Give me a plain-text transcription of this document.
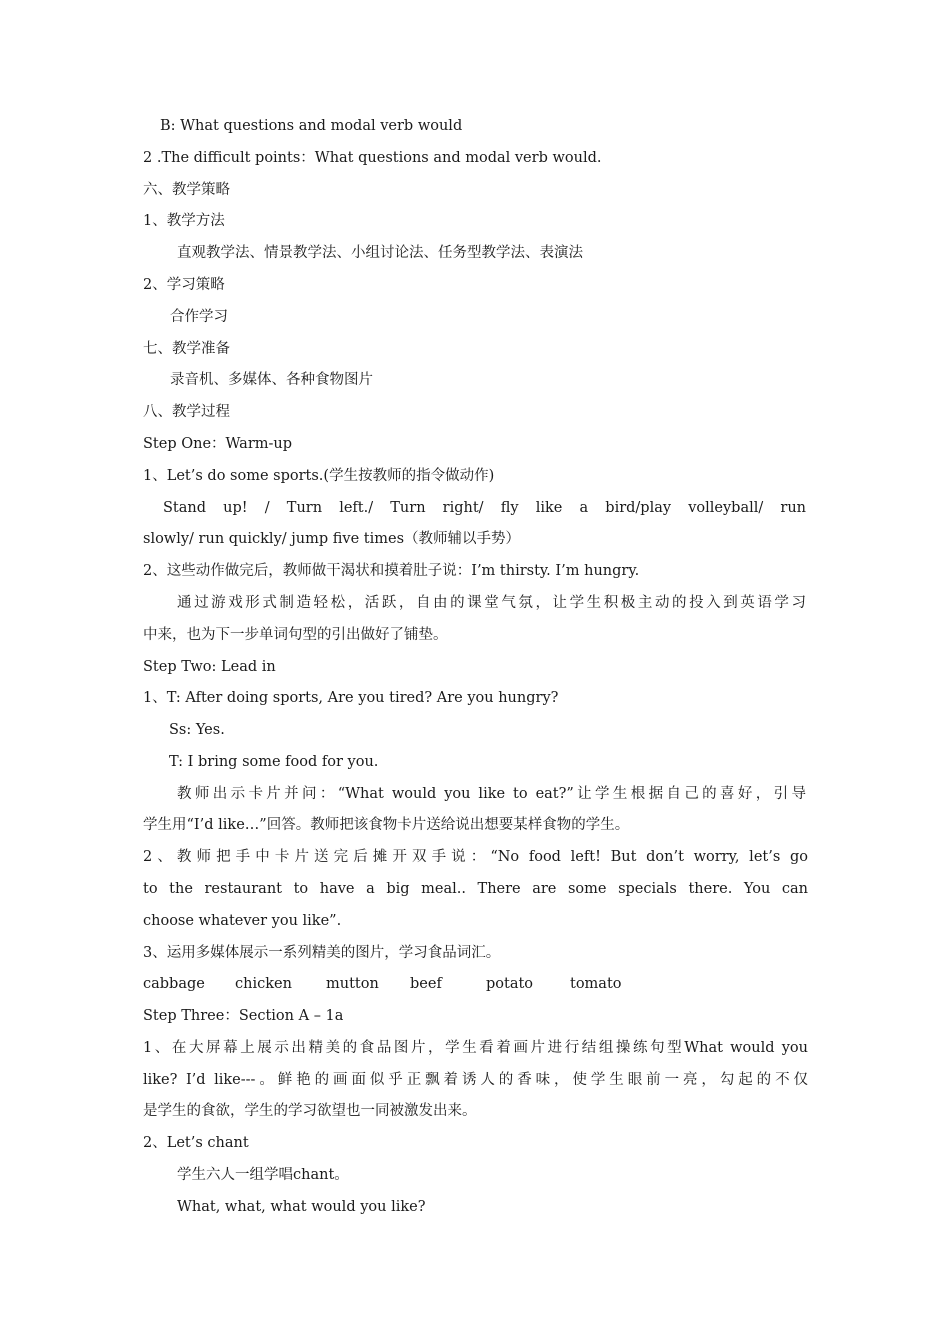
B: What questions and modal verb would
2 .The difficult points：What questions and modal verb would.
六、教学策略
1、教学方法
直观教学法、情景教学法、小组讨论法、任务型教学法、表演法
2、学习策略
合作学习
七、教学准备
录音机、多媒体、各种食物图片
八、教学过程
Step One：Warm-up
1、Let’s do some sports.(学生按教师的指令做动作)
Stand up! / Turn left./ Turn right/ fly like a bird/play volleyball/ run
slowly/ run quickly/ jump five times（教师辅以手势）
2、这些动作做完后，教师做干渴状和摸着肚子说：I’m thirsty. I’m hungry.
通过游戏形式制造轻松，活跃，自由的课堂气氛，让学生积极主动的投入到英语学习
中来，也为下一步单词句型的引出做好了铺垫。
Step Two: Lead in
1、T: After doing sports, Are you tired? Are you hungry?
Ss: Yes.
T: I bring some food for you.
教师出示卡片并问：“What would you like to eat?”让学生根据自己的喜好，引导
学生用“I’d like…”回答。教师把该食物卡片送给说出想要某样食物的学生。
2、教师把手中卡片送完后摊开双手说：“No food left! But don’t worry, let’s go
to the restaurant to have a big meal.. There are some specials there. You can
choose whatever you like”.
3、运用多媒体展示一系列精美的图片，学习食品词汇。
cabbage	chicken	mutton	beef	potato	tomato
Step Three：Section A – 1a
1、在大屏幕上展示出精美的食品图片，学生看着画片进行结组操练句型What would you
like? I’d like---。鲜艳的画面似乎正飘着诱人的香味，使学生眼前一亮，勾起的不仅
是学生的食欲，学生的学习欲望也一同被激发出来。
2、Let’s chant
学生六人一组学唱chant。
What, what, what would you like?
